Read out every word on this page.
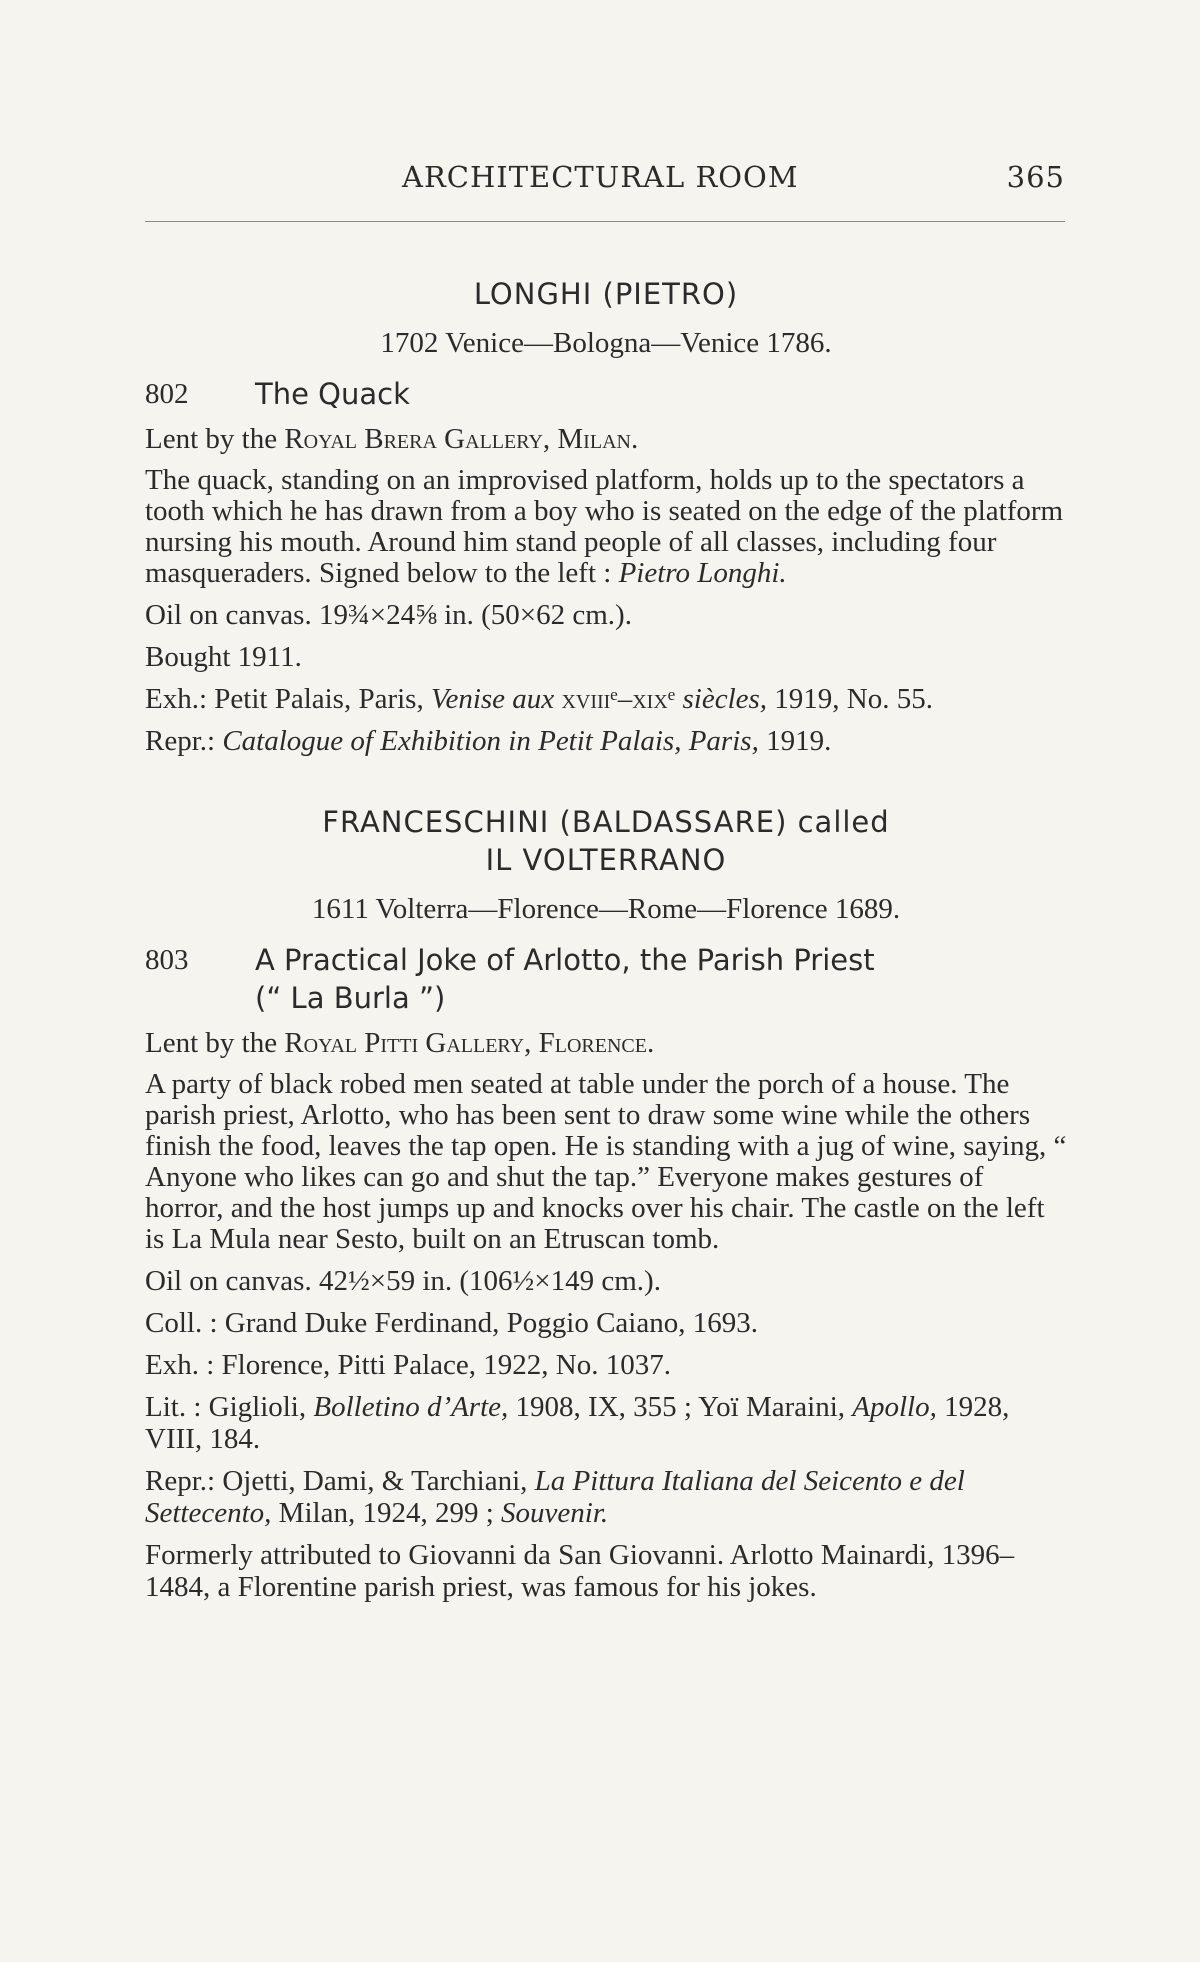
ARCHITECTURAL ROOM	365
LONGHI (PIETRO)
1702 Venice—Bologna—Venice 1786.
802	The Quack
Lent by the Royal Brera Gallery, Milan.

The quack, standing on an improvised platform, holds up to the spectators a tooth which he has drawn from a boy who is seated on the edge of the platform nursing his mouth. Around him stand people of all classes, including four masqueraders. Signed below to the left : Pietro Longhi.

Oil on canvas. 19¾×24⅝ in. (50×62 cm.).

Bought 1911.

Exh.: Petit Palais, Paris, Venise aux xviiiᵉ–xixᵉ siècles, 1919, No. 55.

Repr.: Catalogue of Exhibition in Petit Palais, Paris, 1919.

FRANCESCHINI (BALDASSARE) called
IL VOLTERRANO
1611 Volterra—Florence—Rome—Florence 1689.
803	A Practical Joke of Arlotto, the Parish Priest
(“ La Burla ”)
Lent by the Royal Pitti Gallery, Florence.

A party of black robed men seated at table under the porch of a house. The parish priest, Arlotto, who has been sent to draw some wine while the others finish the food, leaves the tap open. He is standing with a jug of wine, saying, “ Anyone who likes can go and shut the tap.” Everyone makes gestures of horror, and the host jumps up and knocks over his chair. The castle on the left is La Mula near Sesto, built on an Etruscan tomb.

Oil on canvas. 42½×59 in. (106½×149 cm.).

Coll. : Grand Duke Ferdinand, Poggio Caiano, 1693.

Exh. : Florence, Pitti Palace, 1922, No. 1037.

Lit. : Giglioli, Bolletino d’Arte, 1908, IX, 355 ; Yoï Maraini, Apollo, 1928, VIII, 184.

Repr.: Ojetti, Dami, & Tarchiani, La Pittura Italiana del Seicento e del Settecento, Milan, 1924, 299 ; Souvenir.

Formerly attributed to Giovanni da San Giovanni. Arlotto Mainardi, 1396–1484, a Florentine parish priest, was famous for his jokes.
